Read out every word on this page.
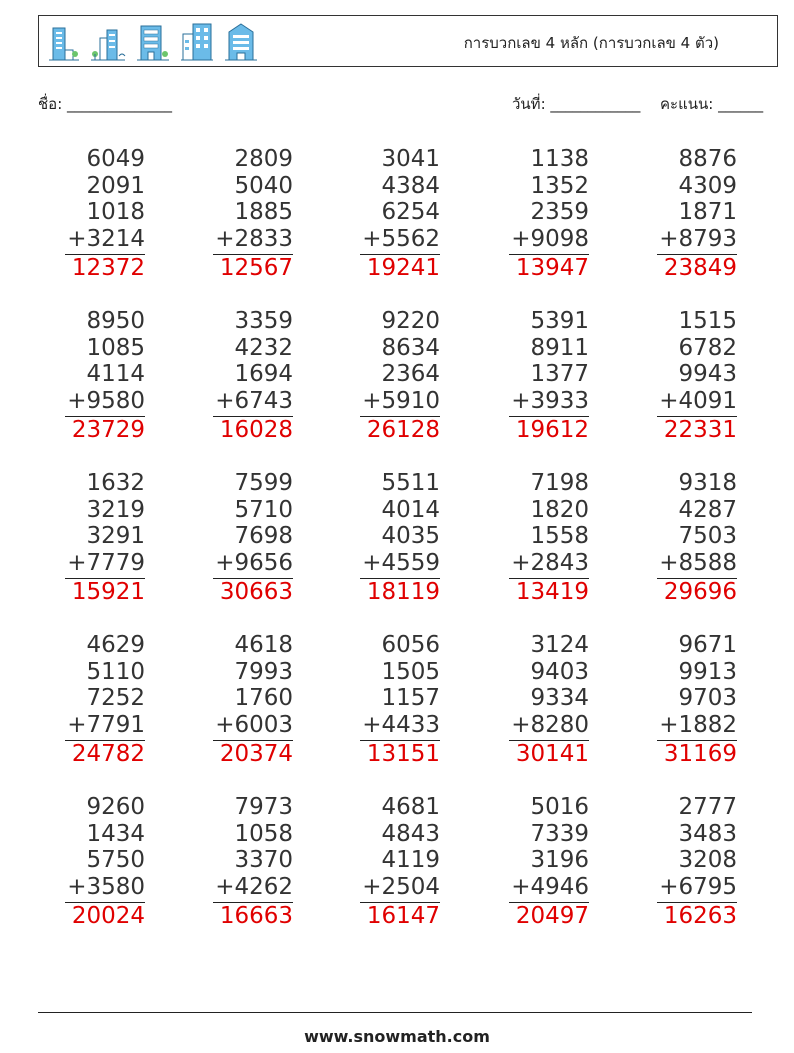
การบวกเลข 4 หลัก (การบวกเลข 4 ตัว)
ชื่อ: ______________	วันที่: ____________ คะแนน: ______
6049
2091
1018
+3214
12372
2809
5040
1885
+2833
12567
3041
4384
6254
+5562
19241
1138
1352
2359
+9098
13947
8876
4309
1871
+8793
23849
8950
1085
4114
+9580
23729
3359
4232
1694
+6743
16028
9220
8634
2364
+5910
26128
5391
8911
1377
+3933
19612
1515
6782
9943
+4091
22331
1632
3219
3291
+7779
15921
7599
5710
7698
+9656
30663
5511
4014
4035
+4559
18119
7198
1820
1558
+2843
13419
9318
4287
7503
+8588
29696
4629
5110
7252
+7791
24782
4618
7993
1760
+6003
20374
6056
1505
1157
+4433
13151
3124
9403
9334
+8280
30141
9671
9913
9703
+1882
31169
9260
1434
5750
+3580
20024
7973
1058
3370
+4262
16663
4681
4843
4119
+2504
16147
5016
7339
3196
+4946
20497
2777
3483
3208
+6795
16263
www.snowmath.com
